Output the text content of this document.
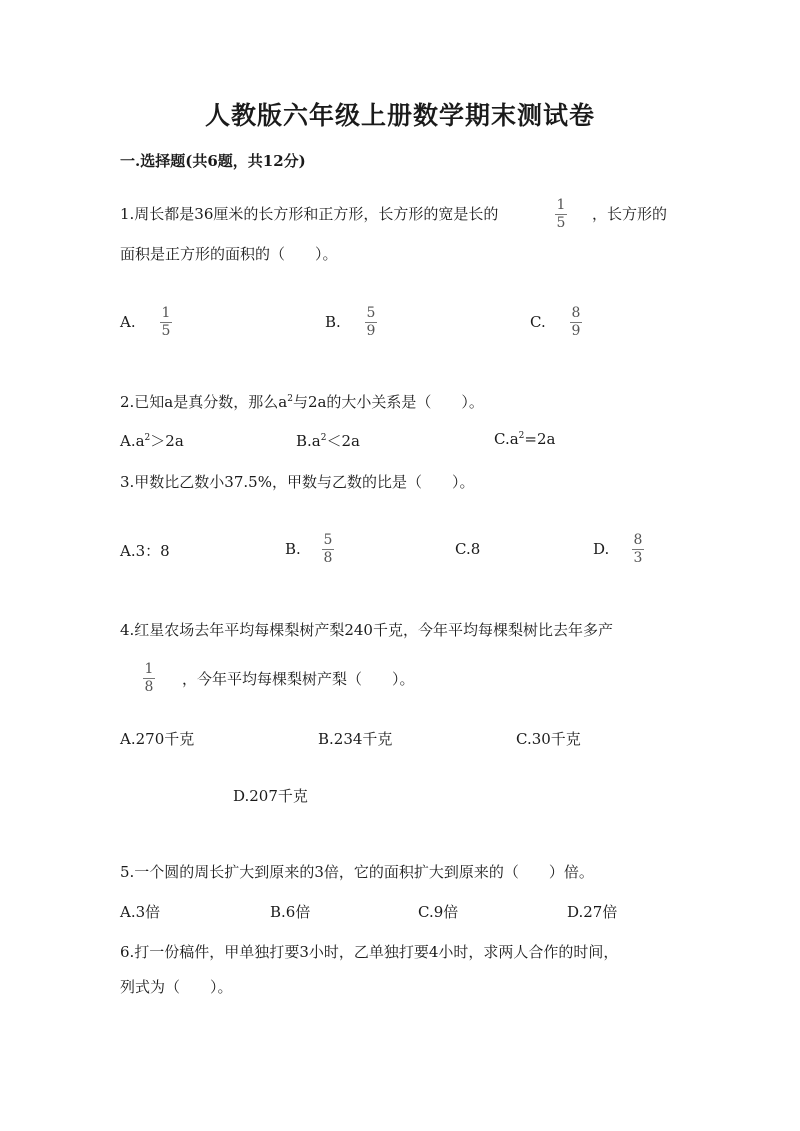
人教版六年级上册数学期末测试卷
一.选择题(共6题，共12分)
1.周长都是36厘米的长方形和正方形，长方形的宽是长的	1
5 ，长方形的
面积是正方形的面积的（　　）。
A. 1
5	B. 5
9	C. 8
9
2.已知a是真分数，那么$a^2$与2a的大小关系是（　　）。
$A.a^2>2a$	$B.a^2<2a$	$C.a^2=2a$
3.甲数比乙数小37.5%，甲数与乙数的比是（　　）。
A.3：8	B. 5
8	C.8	D. 8
3
4.红星农场去年平均每棵梨树产梨240千克，今年平均每棵梨树比去年多产
1
8 ，今年平均每棵梨树产梨（　　）。
A.270千克	B.234千克	C.30千克
D.207千克
5.一个圆的周长扩大到原来的3倍，它的面积扩大到原来的（　　）倍。
A.3倍	B.6倍	C.9倍	D.27倍
6.打一份稿件，甲单独打要3小时，乙单独打要4小时，求两人合作的时间，
列式为（　　）。
